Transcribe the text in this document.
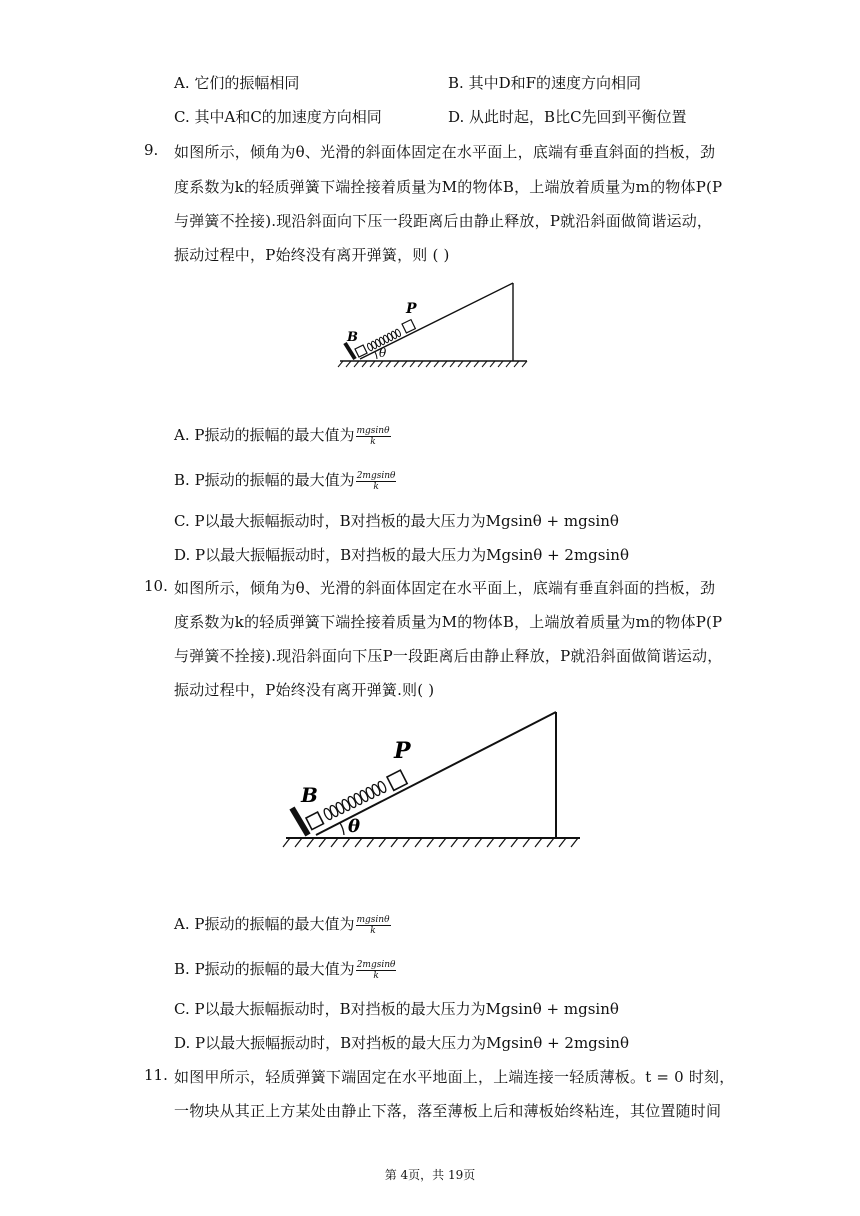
A. 它们的振幅相同	B. 其中D和F的速度方向相同
C. 其中A和C的加速度方向相同	D. 从此时起，B比C先回到平衡位置
9. 如图所示，倾角为θ、光滑的斜面体固定在水平面上，底端有垂直斜面的挡板，劲
度系数为k的轻质弹簧下端拴接着质量为M的物体B，上端放着质量为m的物体P(P
与弹簧不拴接).现沿斜面向下压一段距离后由静止释放，P就沿斜面做简谐运动，
振动过程中，P始终没有离开弹簧，则 ( )
P
B
θ
A. P振动的振幅的最大值为 $\frac{mgsin\theta}{k}$
B. P振动的振幅的最大值为 $\frac{2mgsin\theta}{k}$
C. P以最大振幅振动时，B对挡板的最大压力为Mgsinθ + mgsinθ
D. P以最大振幅振动时，B对挡板的最大压力为Mgsinθ + 2mgsinθ
10. 如图所示，倾角为θ、光滑的斜面体固定在水平面上，底端有垂直斜面的挡板，劲
度系数为k的轻质弹簧下端拴接着质量为M的物体B，上端放着质量为m的物体P(P
与弹簧不拴接).现沿斜面向下压P一段距离后由静止释放，P就沿斜面做简谐运动，
振动过程中，P始终没有离开弹簧.则( )
P
B
θ
A. P振动的振幅的最大值为 $\frac{mgsin\theta}{k}$
B. P振动的振幅的最大值为 $\frac{2mgsin\theta}{k}$
C. P以最大振幅振动时，B对挡板的最大压力为Mgsinθ + mgsinθ
D. P以最大振幅振动时，B对挡板的最大压力为Mgsinθ + 2mgsinθ
11. 如图甲所示，轻质弹簧下端固定在水平地面上，上端连接一轻质薄板。t = 0 时刻，
一物块从其正上方某处由静止下落，落至薄板上后和薄板始终粘连，其位置随时间
第 4页，共 19页
